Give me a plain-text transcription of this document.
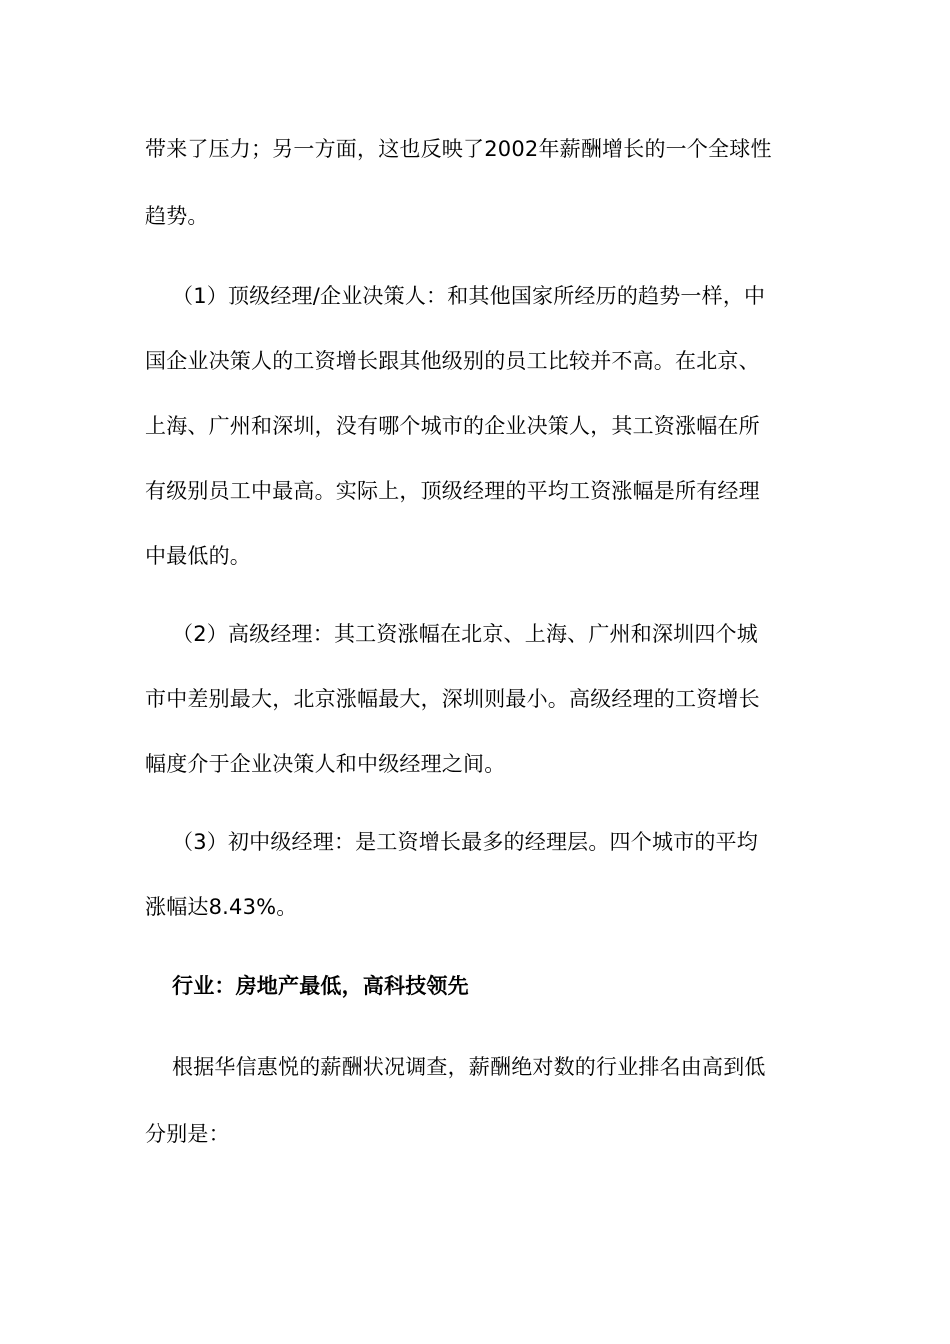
带来了压力；另一方面，这也反映了2002年薪酬增长的一个全球性
趋势。
（1）顶级经理/企业决策人：和其他国家所经历的趋势一样，中
国企业决策人的工资增长跟其他级别的员工比较并不高。在北京、
上海、广州和深圳，没有哪个城市的企业决策人，其工资涨幅在所
有级别员工中最高。实际上，顶级经理的平均工资涨幅是所有经理
中最低的。
（2）高级经理：其工资涨幅在北京、上海、广州和深圳四个城
市中差别最大，北京涨幅最大，深圳则最小。高级经理的工资增长
幅度介于企业决策人和中级经理之间。
（3）初中级经理：是工资增长最多的经理层。四个城市的平均
涨幅达8.43%。
行业：房地产最低，高科技领先
根据华信惠悦的薪酬状况调查，薪酬绝对数的行业排名由高到低
分别是：
